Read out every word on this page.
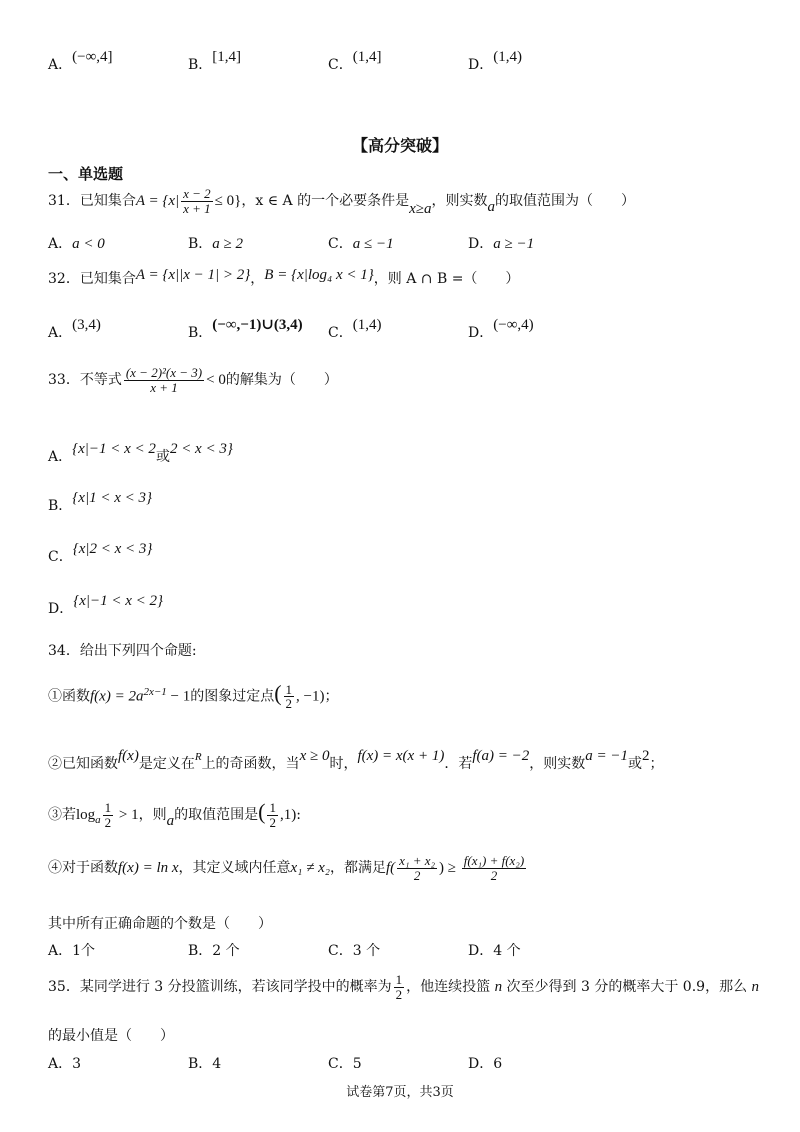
A．(−∞,4]	B．[1,4]	C．(1,4]	D．(1,4)
【高分突破】
一、单选题
31．已知集合$A = \{x| \frac{x - 2}{x + 1} \le 0\}$，x ∈ A 的一个必要条件是x≥a，则实数a的取值范围为（　　）
A．a < 0	B．a ≥ 2	C．a ≤ −1	D．a ≥ −1
32．已知集合A = {x||x − 1| > 2}，B = {x|log₄ x < 1}，则 A ∩ B =（　　）
A．(3,4)	B．(−∞,−1)∪(3,4) C．(1,4)	D．(−∞,4)
33．不等式 $\frac{\text{(x − 2)²(x − 3)}}{x + 1} < 0$的解集为（　　）
A．{x|−1 < x < 2或2 < x < 3}
B．{x|1 < x < 3}
C．{x|2 < x < 3}
D．{x|−1 < x < 2}
34．给出下列四个命题:
①函数$f(x) = 2a^{2x-1} - 1$的图象过定点( $\frac{1}{2}$ , −1)；
②已知函数f(x)是定义在R上的奇函数，当x ≥ 0时，f(x) = x(x + 1)．若f(a) = −2，则实数a = −1或2；
③若$\log_a \frac{1}{2} > 1$，则a的取值范围是( $\frac{1}{2} ,1$):
④对于函数f(x) = ln x，其定义域内任意x₁ ≠ x₂，都满足$f( \frac{\text{x₁ + x₂}}{2}$ ) ≥ $\frac{\text{f(x₁) + f(x₂)}}{2}$
其中所有正确命题的个数是（　　）
A．1个	B．2 个	C．3 个	D．4 个
35．某同学进行 3 分投篮训练，若该同学投中的概率为 $\frac{1}{2}$ ，他连续投篮 n 次至少得到 3 分的概率大于 0.9，那么 n
的最小值是（　　）
A．3	B．4	C．5	D．6
试卷第7页，共3页
